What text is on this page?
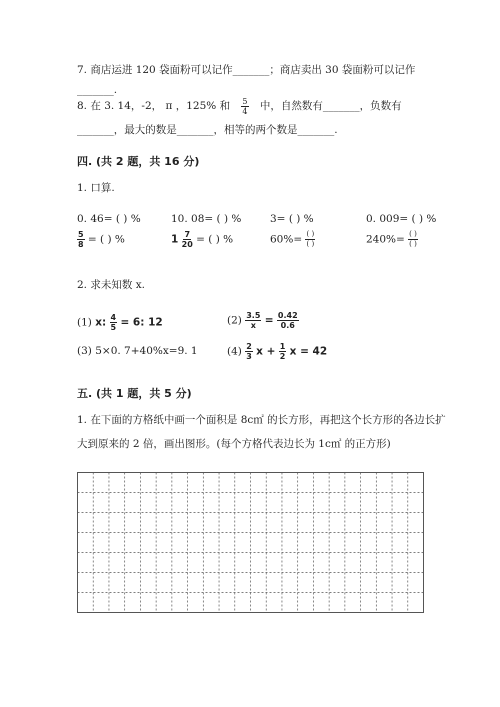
7. 商店运进 120 袋面粉可以记作_______；商店卖出 30 袋面粉可以记作
_______.
8. 在 3. 14，-2， π ，125% 和 $\frac{5}{4}$ 中，自然数有_______，负数有
_______，最大的数是_______，相等的两个数是_______.
四. (共 2 题，共 16 分)
1. 口算.
0. 46= ( ) %	10. 08= ( ) %	3= ( ) %	0. 009= ( ) %
$\frac{5}{8}$ = ( ) %	$1 \frac{7}{20}$ = ( ) %	$60\%= \frac{( )}{( )}$	$240\%= \frac{( )}{( )}$
2. 求未知数 x.
(1) x: $\frac{4}{5} = 6$: 12	$(2) \frac{3.5}{x} = \frac{0.42}{0.6}$
(3) 5×0. 7+40%x=9. 1	$(4) \frac{2}{3}$ $x + \frac{1}{2}$ x = 42
五. (共 1 题，共 5 分)
1. 在下面的方格纸中画一个面积是 8c㎡ 的长方形，再把这个长方形的各边长扩
大到原来的 2 倍，画出图形。(每个方格代表边长为 1c㎡ 的正方形)
